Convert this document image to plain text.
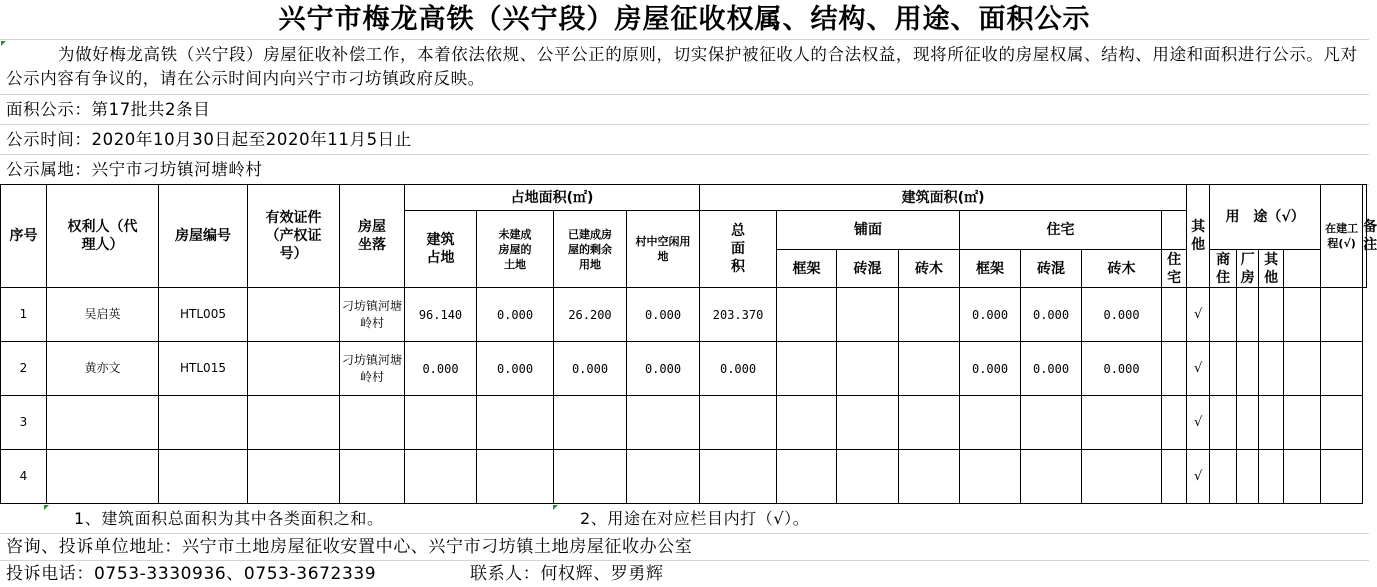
兴宁市梅龙高铁（兴宁段）房屋征收权属、结构、用途、面积公示
为做好梅龙高铁（兴宁段）房屋征收补偿工作，本着依法依规、公平公正的原则，切实保护被征收人的合法权益，现将所征收的房屋权属、结构、用途和面积进行公示。凡对公示内容有争议的，请在公示时间内向兴宁市刁坊镇政府反映。
面积公示：第17批共2条目
公示时间：2020年10月30日起至2020年11月5日止
公示属地：兴宁市刁坊镇河塘岭村
序号	权利人（代理人）	房屋编号	有效证件（产权证号）	房屋坐落	占地面积(㎡)				建筑面积(㎡)								其他	用　途（√）				在建工程(√)	备注
					建筑占地	未建成房屋的土地	已建成房屋的剩余用地	村中空闲用地	总面积	铺面			住宅										
										框架	砖混	砖木	框架	砖混	砖木	住宅		商住	厂房	其他			
1	吴启英	HTL005		刁坊镇河塘岭村	96.140	0.000	26.200	0.000	203.370				0.000	0.000	0.000		√						
2	黄亦文	HTL015		刁坊镇河塘岭村	0.000	0.000	0.000	0.000	0.000				0.000	0.000	0.000		√						
3																	√						
4																	√						
1、建筑面积总面积为其中各类面积之和。	2、用途在对应栏目内打（√）。
咨询、投诉单位地址：兴宁市土地房屋征收安置中心、兴宁市刁坊镇土地房屋征收办公室
投诉电话：0753-3330936、0753-3672339	联系人：何权辉、罗勇辉
